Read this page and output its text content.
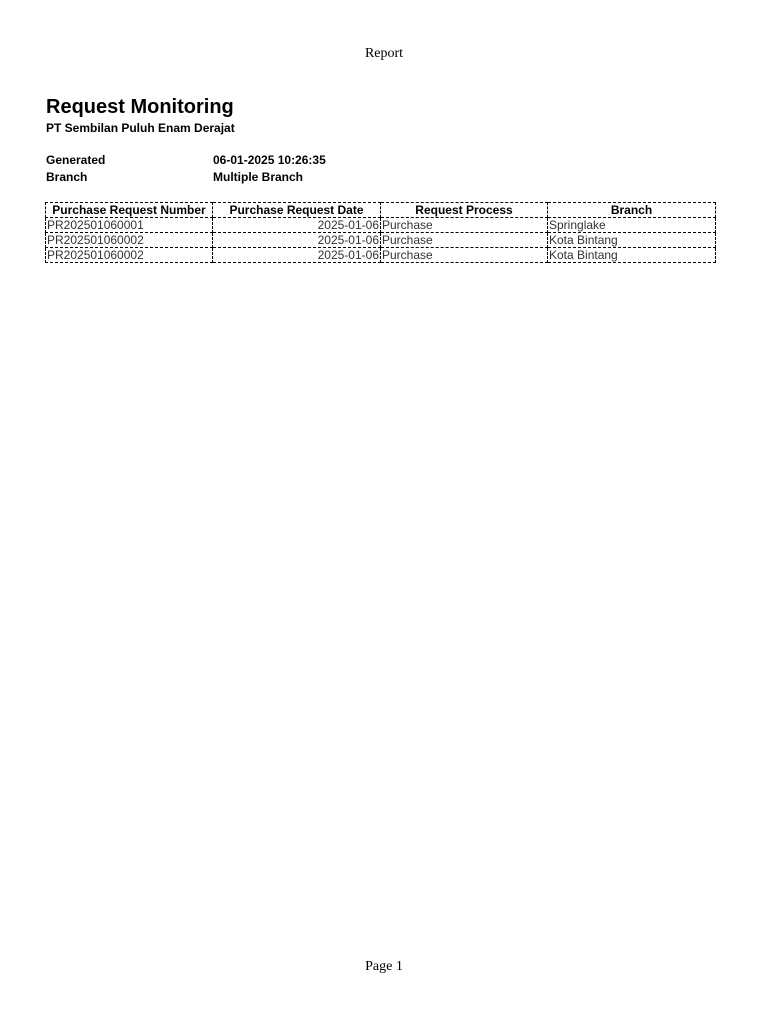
Report
Request Monitoring
PT Sembilan Puluh Enam Derajat
Generated	06-01-2025 10:26:35
Branch	Multiple Branch
Purchase Request Number	Purchase Request Date	Request Process	Branch
PR202501060001	2025-01-06	Purchase	Springlake
PR202501060002	2025-01-06	Purchase	Kota Bintang
PR202501060002	2025-01-06	Purchase	Kota Bintang
Page 1
